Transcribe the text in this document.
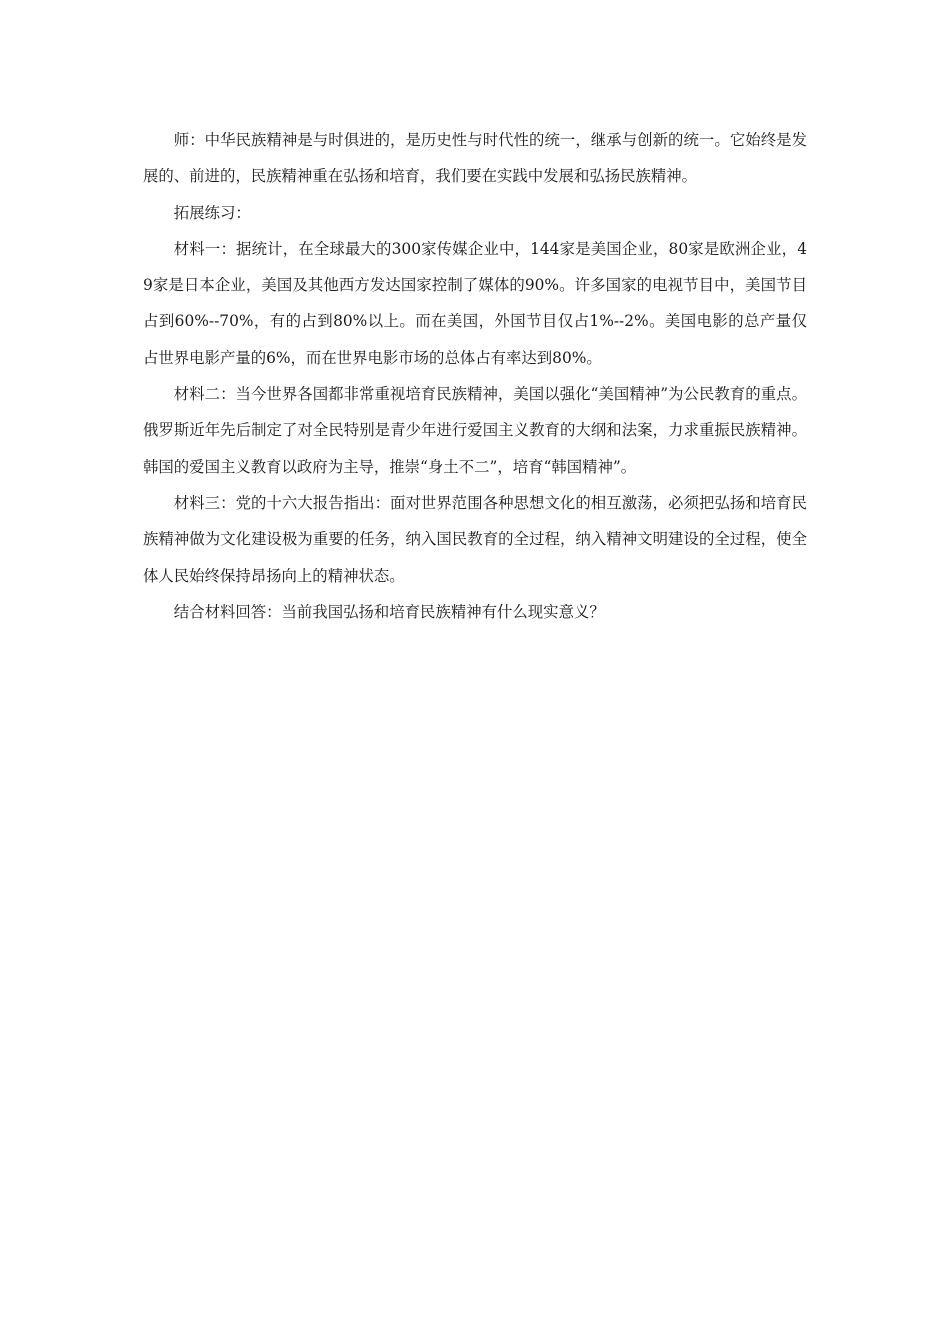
师：中华民族精神是与时俱进的，是历史性与时代性的统一，继承与创新的统一。它始终是发展的、前进的，民族精神重在弘扬和培育，我们要在实践中发展和弘扬民族精神。

拓展练习：

材料一：据统计，在全球最大的300家传媒企业中，144家是美国企业，80家是欧洲企业，49家是日本企业，美国及其他西方发达国家控制了媒体的90%。许多国家的电视节目中，美国节目占到60%--70%，有的占到80%以上。而在美国，外国节目仅占1%--2%。美国电影的总产量仅占世界电影产量的6%，而在世界电影市场的总体占有率达到80%。

材料二：当今世界各国都非常重视培育民族精神，美国以强化“美国精神”为公民教育的重点。俄罗斯近年先后制定了对全民特别是青少年进行爱国主义教育的大纲和法案，力求重振民族精神。韩国的爱国主义教育以政府为主导，推崇“身土不二”，培育“韩国精神”。

材料三：党的十六大报告指出：面对世界范围各种思想文化的相互激荡，必须把弘扬和培育民族精神做为文化建设极为重要的任务，纳入国民教育的全过程，纳入精神文明建设的全过程，使全体人民始终保持昂扬向上的精神状态。

结合材料回答：当前我国弘扬和培育民族精神有什么现实意义？
